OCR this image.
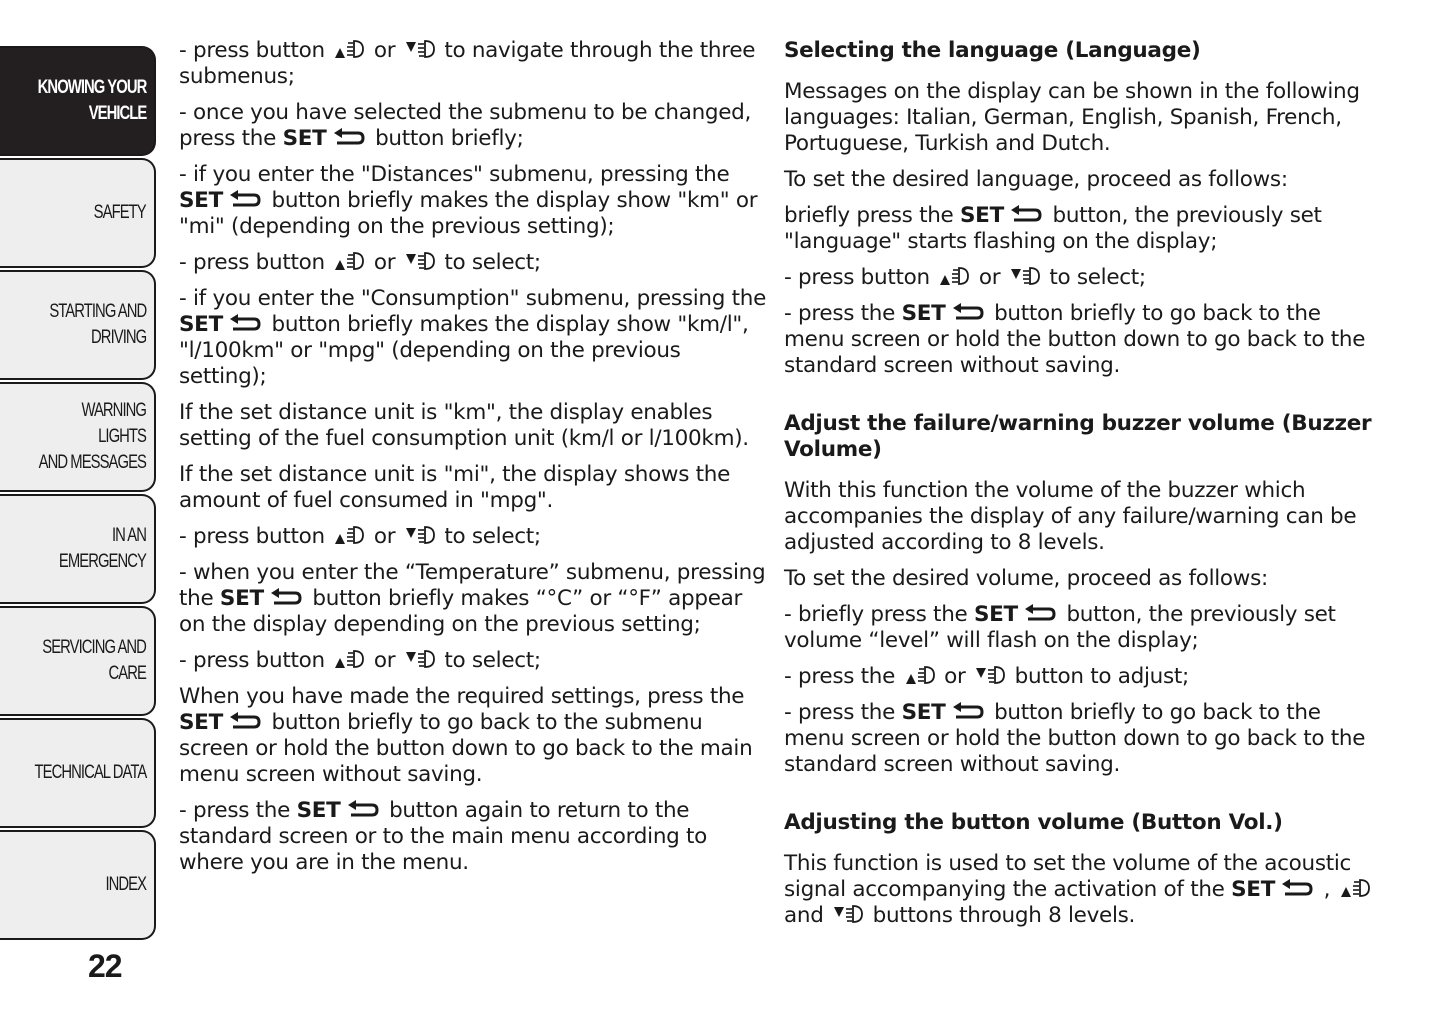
KNOWING YOUR
VEHICLE
SAFETY
STARTING AND
DRIVING
WARNING LIGHTS
AND MESSAGES
IN AN EMERGENCY
SERVICING AND
CARE
TECHNICAL DATA
INDEX
22

- press button  or  to navigate through the three submenus;

- once you have selected the submenu to be changed, press the SET button briefly;

- if you enter the "Distances" submenu, pressing the SET button briefly makes the display show "km" or "mi" (depending on the previous setting);

- press button  or  to select;

- if you enter the "Consumption" submenu, pressing the SET button briefly makes the display show "km/l", "l/100km" or "mpg" (depending on the previous setting);

If the set distance unit is "km", the display enables setting of the fuel consumption unit (km/l or l/100km).

If the set distance unit is "mi", the display shows the amount of fuel consumed in "mpg".

- press button  or  to select;

- when you enter the “Temperature” submenu, pressing the SET button briefly makes “°C” or “°F” appear on the display depending on the previous setting;

- press button  or  to select;

When you have made the required settings, press the SET button briefly to go back to the submenu screen or hold the button down to go back to the main menu screen without saving.

- press the SET button again to return to the standard screen or to the main menu according to where you are in the menu.

Selecting the language (Language)

Messages on the display can be shown in the following languages: Italian, German, English, Spanish, French, Portuguese, Turkish and Dutch.

To set the desired language, proceed as follows:

briefly press the SET button, the previously set "language" starts flashing on the display;

- press button  or  to select;

- press the SET button briefly to go back to the menu screen or hold the button down to go back to the standard screen without saving.

Adjust the failure/warning buzzer volume (Buzzer Volume)

With this function the volume of the buzzer which accompanies the display of any failure/warning can be adjusted according to 8 levels.

To set the desired volume, proceed as follows:

- briefly press the SET button, the previously set volume “level” will flash on the display;

- press the  or  button to adjust;

- press the SET button briefly to go back to the menu screen or hold the button down to go back to the standard screen without saving.

Adjusting the button volume (Button Vol.)

This function is used to set the volume of the acoustic signal accompanying the activation of the SET ,  and  buttons through 8 levels.
